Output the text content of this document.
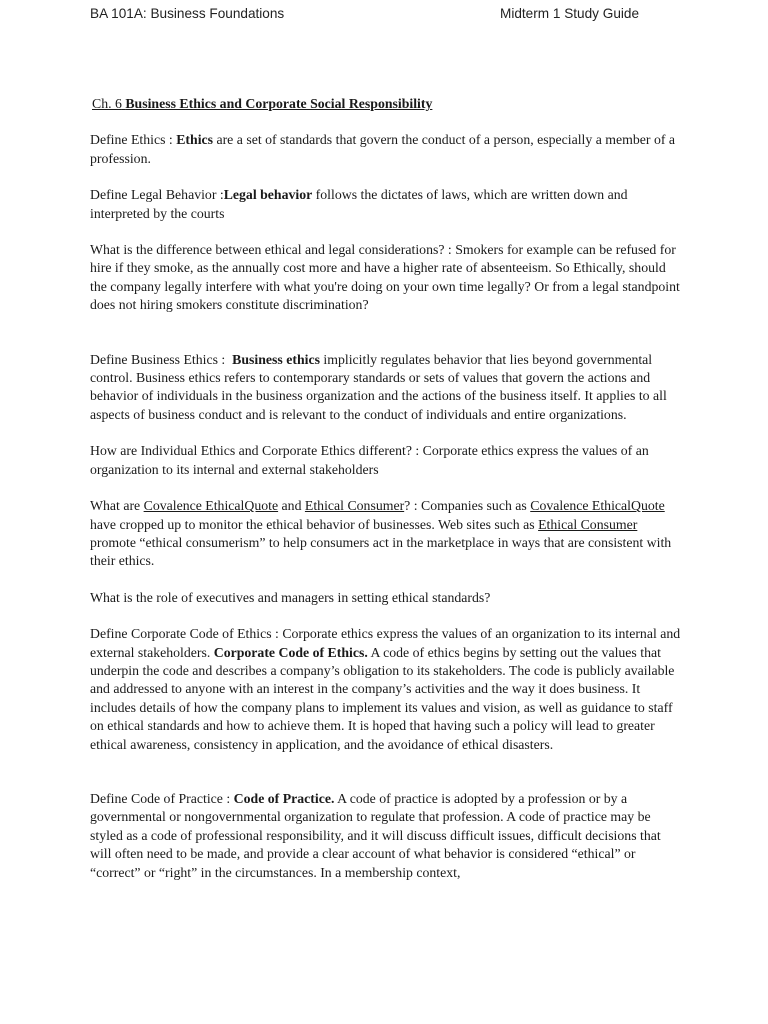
BA 101A: Business Foundations	Midterm 1 Study Guide

Ch. 6 Business Ethics and Corporate Social Responsibility

Define Ethics : Ethics are a set of standards that govern the conduct of a person, especially a member of a profession.

Define Legal Behavior :Legal behavior follows the dictates of laws, which are written down and interpreted by the courts

What is the difference between ethical and legal considerations? : Smokers for example can be refused for hire if they smoke, as the annually cost more and have a higher rate of absenteeism. So Ethically, should the company legally interfere with what you're doing on your own time legally? Or from a legal standpoint does not hiring smokers constitute discrimination?

Define Business Ethics :  Business ethics implicitly regulates behavior that lies beyond governmental control. Business ethics refers to contemporary standards or sets of values that govern the actions and behavior of individuals in the business organization and the actions of the business itself. It applies to all aspects of business conduct and is relevant to the conduct of individuals and entire organizations.

How are Individual Ethics and Corporate Ethics different? : Corporate ethics express the values of an organization to its internal and external stakeholders

What are Covalence EthicalQuote and Ethical Consumer? : Companies such as Covalence EthicalQuote have cropped up to monitor the ethical behavior of businesses. Web sites such as Ethical Consumer promote “ethical consumerism” to help consumers act in the marketplace in ways that are consistent with their ethics.

What is the role of executives and managers in setting ethical standards?

Define Corporate Code of Ethics : Corporate ethics express the values of an organization to its internal and external stakeholders. Corporate Code of Ethics. A code of ethics begins by setting out the values that underpin the code and describes a company’s obligation to its stakeholders. The code is publicly available and addressed to anyone with an interest in the company’s activities and the way it does business. It includes details of how the company plans to implement its values and vision, as well as guidance to staff on ethical standards and how to achieve them. It is hoped that having such a policy will lead to greater ethical awareness, consistency in application, and the avoidance of ethical disasters.

Define Code of Practice : Code of Practice. A code of practice is adopted by a profession or by a governmental or nongovernmental organization to regulate that profession. A code of practice may be styled as a code of professional responsibility, and it will discuss difficult issues, difficult decisions that will often need to be made, and provide a clear account of what behavior is considered “ethical” or “correct” or “right” in the circumstances. In a membership context,
